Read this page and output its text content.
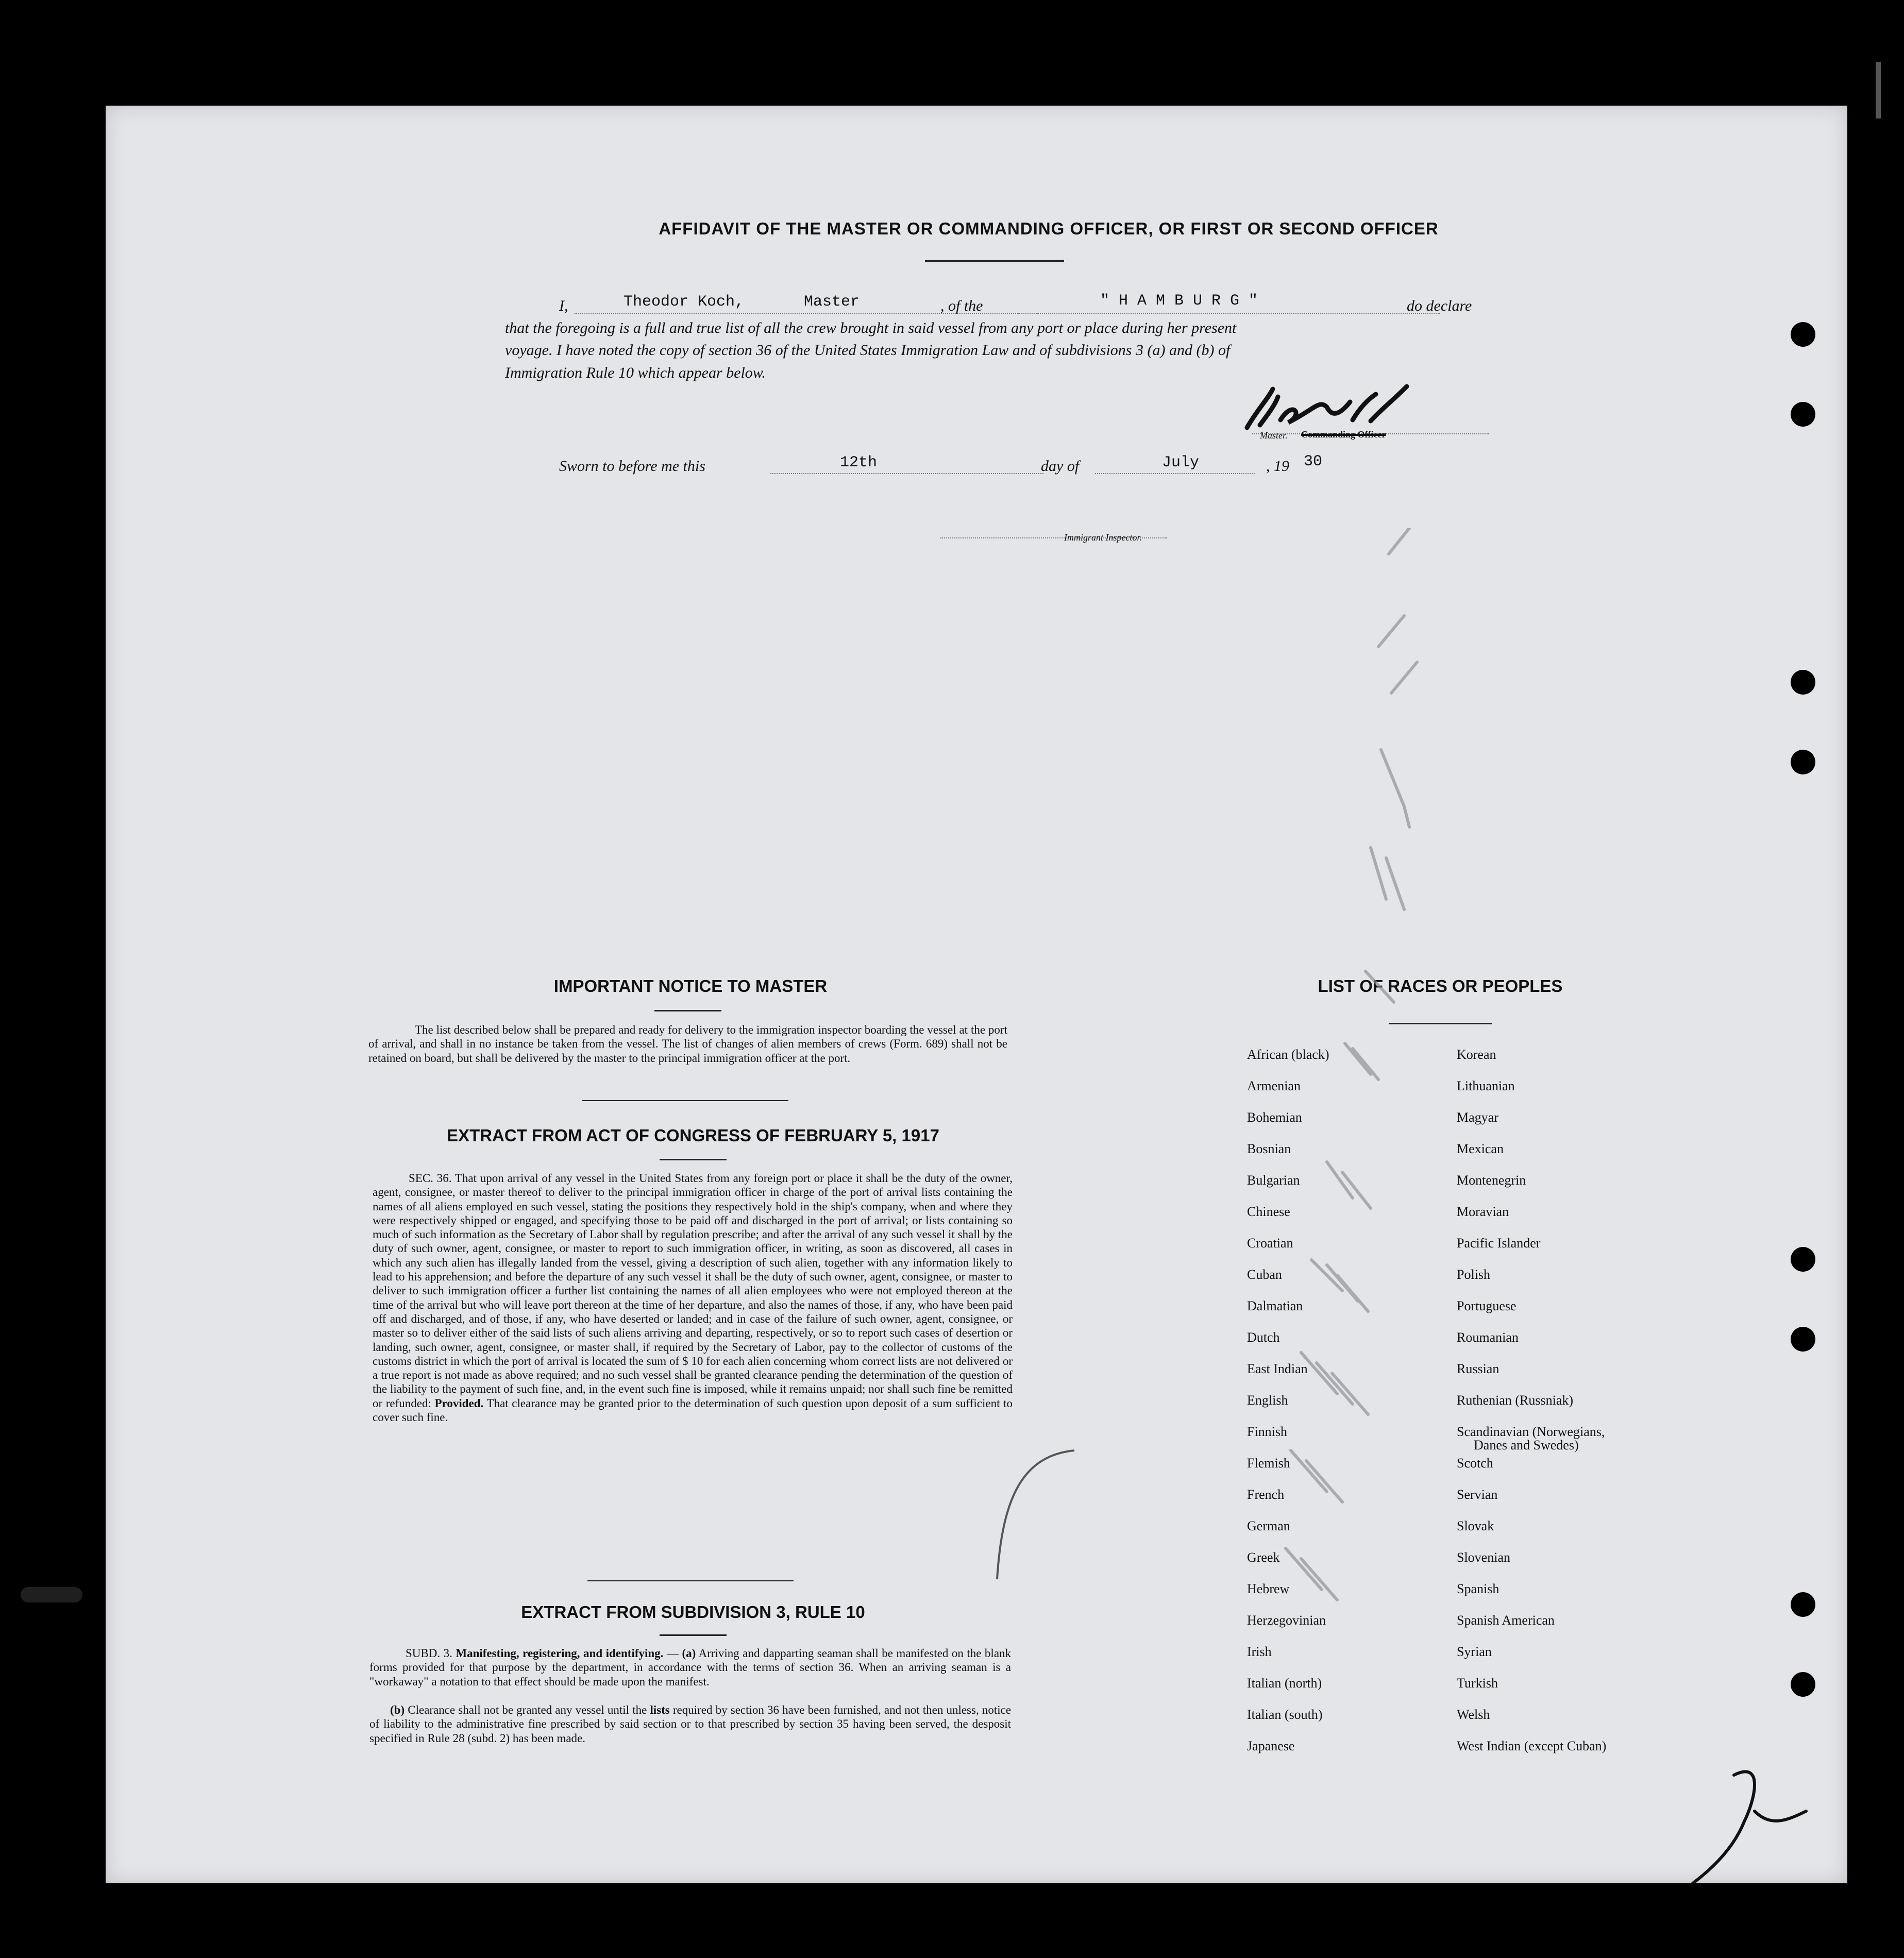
AFFIDAVIT OF THE MASTER OR COMMANDING OFFICER, OR FIRST OR SECOND OFFICER
I,	Theodor Koch,	Master	, of the	" H A M B U R G "	do declare
that the foregoing is a full and true list of all the crew brought in said vessel from any port or place during her present
voyage. I have noted the copy of section 36 of the United States Immigration Law and of subdivisions 3 (a) and (b) of
Immigration Rule 10 which appear below.
Master. Commanding Officer
Sworn to before me this	12th	day of	July	, 19 30
Immigrant Inspector.
IMPORTANT NOTICE TO MASTER
The list described below shall be prepared and ready for delivery to the immigration inspector boarding the vessel at the port of arrival, and shall in no instance be taken from the vessel. The list of changes of alien members of crews (Form. 689) shall not be retained on board, but shall be delivered by the master to the principal immigration officer at the port.
EXTRACT FROM ACT OF CONGRESS OF FEBRUARY 5, 1917
SEC. 36. That upon arrival of any vessel in the United States from any foreign port or place it shall be the duty of the owner, agent, consignee, or master thereof to deliver to the principal immigration officer in charge of the port of arrival lists containing the names of all aliens employed en such vessel, stating the positions they respectively hold in the ship's company, when and where they were respectively shipped or engaged, and specifying those to be paid off and discharged in the port of arrival; or lists containing so much of such information as the Secretary of Labor shall by regulation prescribe; and after the arrival of any such vessel it shall by the duty of such owner, agent, consignee, or master to report to such immigration officer, in writing, as soon as discovered, all cases in which any such alien has illegally landed from the vessel, giving a description of such alien, together with any information likely to lead to his apprehension; and before the departure of any such vessel it shall be the duty of such owner, agent, consignee, or master to deliver to such immigration officer a further list containing the names of all alien employees who were not employed thereon at the time of the arrival but who will leave port thereon at the time of her departure, and also the names of those, if any, who have been paid off and discharged, and of those, if any, who have deserted or landed; and in case of the failure of such owner, agent, consignee, or master so to deliver either of the said lists of such aliens arriving and departing, respectively, or so to report such cases of desertion or landing, such owner, agent, consignee, or master shall, if required by the Secretary of Labor, pay to the collector of customs of the customs district in which the port of arrival is located the sum of $ 10 for each alien concerning whom correct lists are not delivered or a true report is not made as above required; and no such vessel shall be granted clearance pending the determination of the question of the liability to the payment of such fine, and, in the event such fine is imposed, while it remains unpaid; nor shall such fine be remitted or refunded: Provided. That clearance may be granted prior to the determination of such question upon deposit of a sum sufficient to cover such fine.
EXTRACT FROM SUBDIVISION 3, RULE 10
SUBD. 3. Manifesting, registering, and identifying. — (a) Arriving and dapparting seaman shall be manifested on the blank forms provided for that purpose by the department, in accordance with the terms of section 36. When an arriving seaman is a "workaway" a notation to that effect should be made upon the manifest.
(b) Clearance shall not be granted any vessel until the lists required by section 36 have been furnished, and not then unless, notice of liability to the administrative fine prescribed by said section or to that prescribed by section 35 having been served, the desposit specified in Rule 28 (subd. 2) has been made.
LIST OF RACES OR PEOPLES
African (black)
Armenian
Bohemian
Bosnian
Bulgarian
Chinese
Croatian
Cuban
Dalmatian
Dutch
East Indian
English
Finnish
Flemish
French
German
Greek
Hebrew
Herzegovinian
Irish
Italian (north)
Italian (south)
Japanese
Korean
Lithuanian
Magyar
Mexican
Montenegrin
Moravian
Pacific Islander
Polish
Portuguese
Roumanian
Russian
Ruthenian (Russniak)
Scandinavian (Norwegians,
Danes and Swedes)
Scotch
Servian
Slovak
Slovenian
Spanish
Spanish American
Syrian
Turkish
Welsh
West Indian (except Cuban)
